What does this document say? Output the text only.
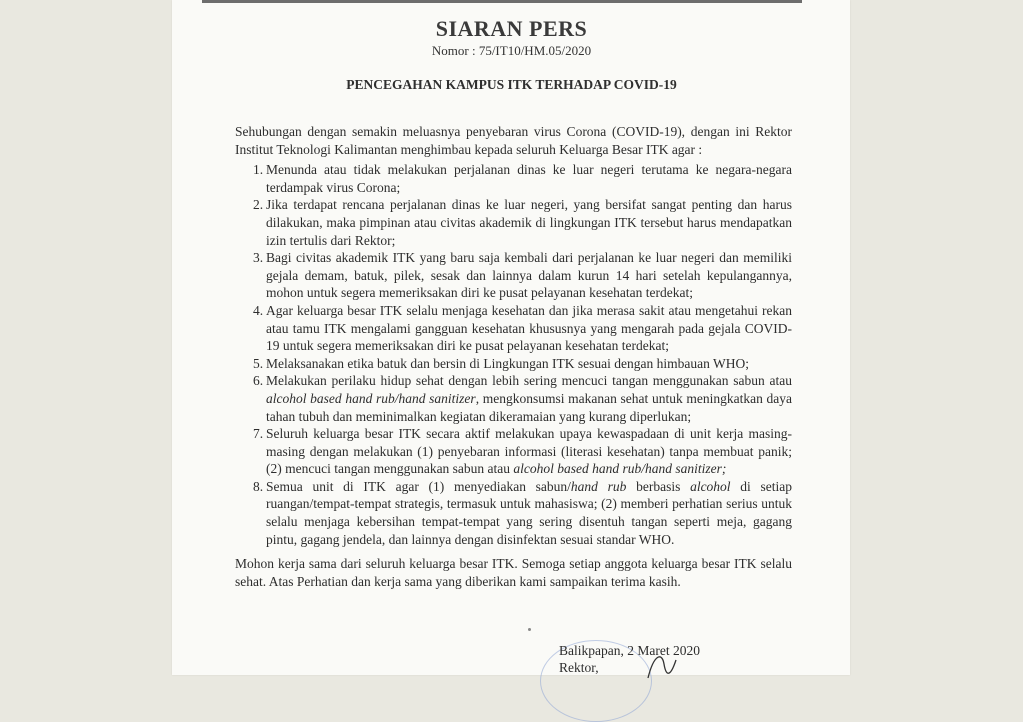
SIARAN PERS
Nomor : 75/IT10/HM.05/2020
PENCEGAHAN KAMPUS ITK TERHADAP COVID-19

Sehubungan dengan semakin meluasnya penyebaran virus Corona (COVID-19), dengan ini Rektor Institut Teknologi Kalimantan menghimbau kepada seluruh Keluarga Besar ITK agar :

1. Menunda atau tidak melakukan perjalanan dinas ke luar negeri terutama ke negara-negara terdampak virus Corona;
2. Jika terdapat rencana perjalanan dinas ke luar negeri, yang bersifat sangat penting dan harus dilakukan, maka pimpinan atau civitas akademik di lingkungan ITK tersebut harus mendapatkan izin tertulis dari Rektor;
3. Bagi civitas akademik ITK yang baru saja kembali dari perjalanan ke luar negeri dan memiliki gejala demam, batuk, pilek, sesak dan lainnya dalam kurun 14 hari setelah kepulangannya, mohon untuk segera memeriksakan diri ke pusat pelayanan kesehatan terdekat;
4. Agar keluarga besar ITK selalu menjaga kesehatan dan jika merasa sakit atau mengetahui rekan atau tamu ITK mengalami gangguan kesehatan khususnya yang mengarah pada gejala COVID-19 untuk segera memeriksakan diri ke pusat pelayanan kesehatan terdekat;
5. Melaksanakan etika batuk dan bersin di Lingkungan ITK sesuai dengan himbauan WHO;
6. Melakukan perilaku hidup sehat dengan lebih sering mencuci tangan menggunakan sabun atau alcohol based hand rub/hand sanitizer, mengkonsumsi makanan sehat untuk meningkatkan daya tahan tubuh dan meminimalkan kegiatan dikeramaian yang kurang diperlukan;
7. Seluruh keluarga besar ITK secara aktif melakukan upaya kewaspadaan di unit kerja masing-masing dengan melakukan (1) penyebaran informasi (literasi kesehatan) tanpa membuat panik; (2) mencuci tangan menggunakan sabun atau alcohol based hand rub/hand sanitizer;
8. Semua unit di ITK agar (1) menyediakan sabun/hand rub berbasis alcohol di setiap ruangan/tempat-tempat strategis, termasuk untuk mahasiswa; (2) memberi perhatian serius untuk selalu menjaga kebersihan tempat-tempat yang sering disentuh tangan seperti meja, gagang pintu, gagang jendela, dan lainnya dengan disinfektan sesuai standar WHO.

Mohon kerja sama dari seluruh keluarga besar ITK. Semoga setiap anggota keluarga besar ITK selalu sehat. Atas Perhatian dan kerja sama yang diberikan kami sampaikan terima kasih.

Balikpapan, 2 Maret 2020
Rektor,
